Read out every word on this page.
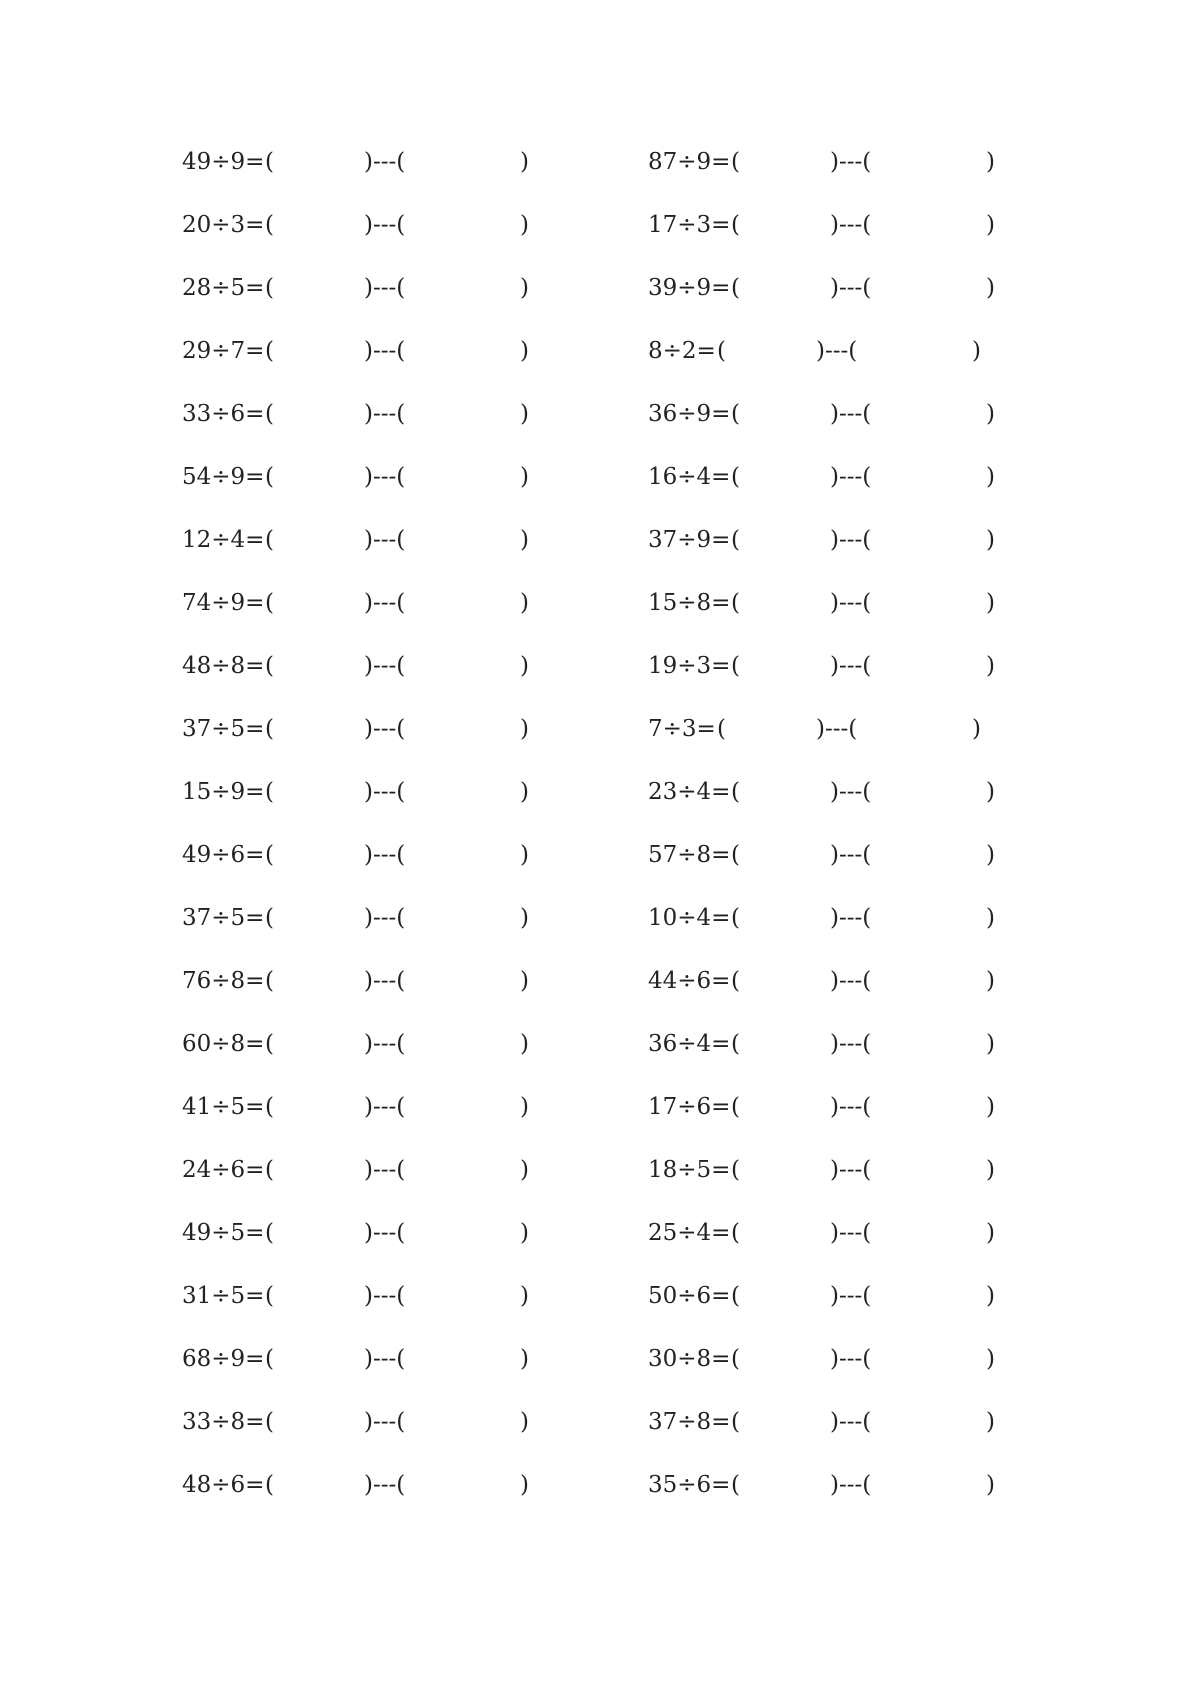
49÷9= (	)---(	)
20÷3= (	)---(	)
28÷5= (	)---(	)
29÷7= (	)---(	)
33÷6= (	)---(	)
54÷9= (	)---(	)
12÷4= (	)---(	)
74÷9= (	)---(	)
48÷8= (	)---(	)
37÷5= (	)---(	)
15÷9= (	)---(	)
49÷6= (	)---(	)
37÷5= (	)---(	)
76÷8= (	)---(	)
60÷8= (	)---(	)
41÷5= (	)---(	)
24÷6= (	)---(	)
49÷5= (	)---(	)
31÷5= (	)---(	)
68÷9= (	)---(	)
33÷8= (	)---(	)
48÷6= (	)---(	)
87÷9= (	)---(	)
17÷3= (	)---(	)
39÷9= (	)---(	)
8÷2= (	)---(	)
36÷9= (	)---(	)
16÷4= (	)---(	)
37÷9= (	)---(	)
15÷8= (	)---(	)
19÷3= (	)---(	)
7÷3= (	)---(	)
23÷4= (	)---(	)
57÷8= (	)---(	)
10÷4= (	)---(	)
44÷6= (	)---(	)
36÷4= (	)---(	)
17÷6= (	)---(	)
18÷5= (	)---(	)
25÷4= (	)---(	)
50÷6= (	)---(	)
30÷8= (	)---(	)
37÷8= (	)---(	)
35÷6= (	)---(	)
